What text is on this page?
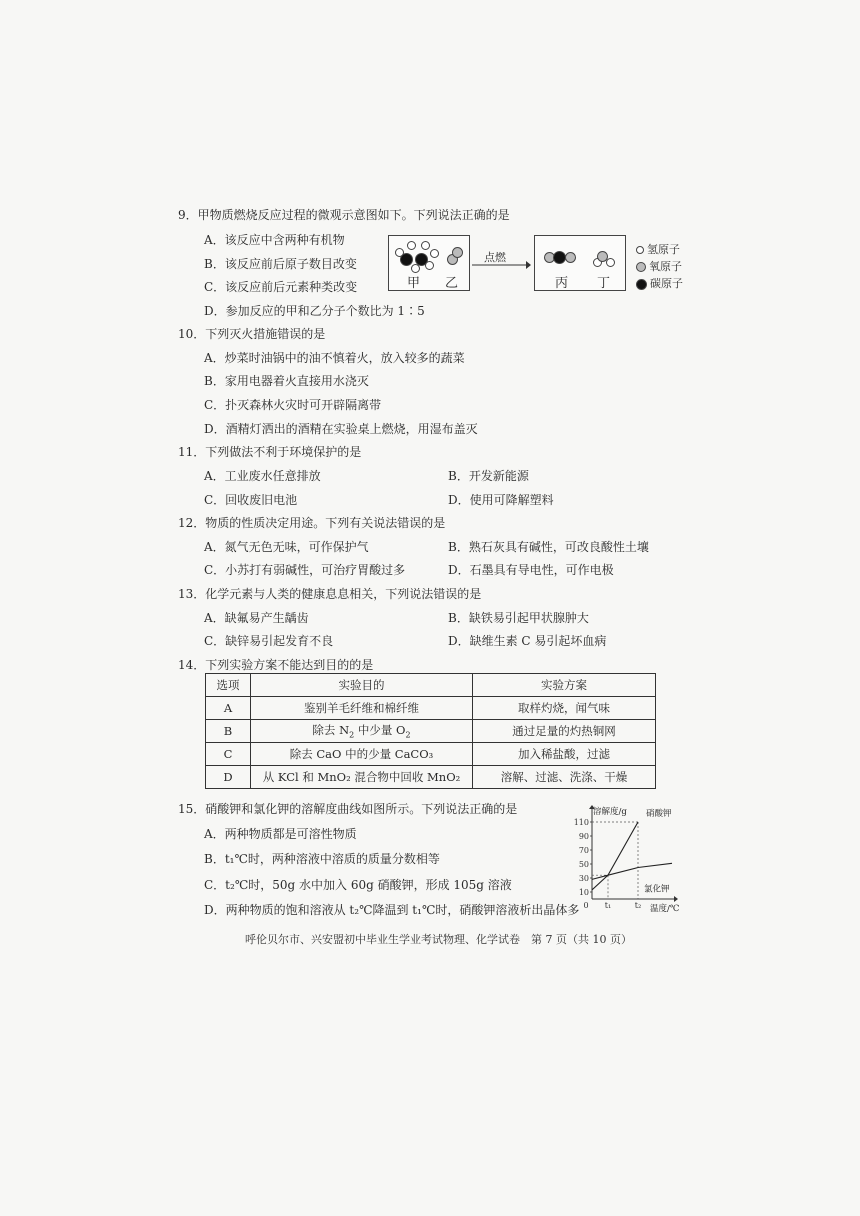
9．甲物质燃烧反应过程的微观示意图如下。下列说法正确的是
A．该反应中含两种有机物
B．该反应前后原子数目改变
C．该反应前后元素种类改变
D．参加反应的甲和乙分子个数比为 1∶5
甲 乙
点燃
丙 丁
氢原子
氧原子
碳原子
10．下列灭火措施错误的是
A．炒菜时油锅中的油不慎着火，放入较多的蔬菜
B．家用电器着火直接用水浇灭
C．扑灭森林火灾时可开辟隔离带
D．酒精灯洒出的酒精在实验桌上燃烧，用湿布盖灭
11．下列做法不利于环境保护的是
A．工业废水任意排放	B．开发新能源
C．回收废旧电池	D．使用可降解塑料
12．物质的性质决定用途。下列有关说法错误的是
A．氮气无色无味，可作保护气	B．熟石灰具有碱性，可改良酸性土壤
C．小苏打有弱碱性，可治疗胃酸过多	D．石墨具有导电性，可作电极
13．化学元素与人类的健康息息相关，下列说法错误的是
A．缺氟易产生龋齿	B．缺铁易引起甲状腺肿大
C．缺锌易引起发育不良	D．缺维生素 C 易引起坏血病
14．下列实验方案不能达到目的的是
选项	实验目的	实验方案
A	鉴别羊毛纤维和棉纤维	取样灼烧，闻气味
B	除去 $N_2$ 中少量 $O_2$	通过足量的灼热铜网
C	除去 CaO 中的少量 CaCO₃	加入稀盐酸，过滤
D	从 KCl 和 MnO₂ 混合物中回收 MnO₂	溶解、过滤、洗涤、干燥
15．硝酸钾和氯化钾的溶解度曲线如图所示。下列说法正确的是
A．两种物质都是可溶性物质
B．t₁℃时，两种溶液中溶质的质量分数相等
C．t₂℃时，50g 水中加入 60g 硝酸钾，形成 105g 溶液
D．两种物质的饱和溶液从 t₂℃降温到 t₁℃时，硝酸钾溶液析出晶体多
10
30
50
70
90
110
0 t₁	t₂
溶解度/g 硝酸钾
氯化钾
温度/℃
呼伦贝尔市、兴安盟初中毕业生学业考试物理、化学试卷　第 7 页（共 10 页）
